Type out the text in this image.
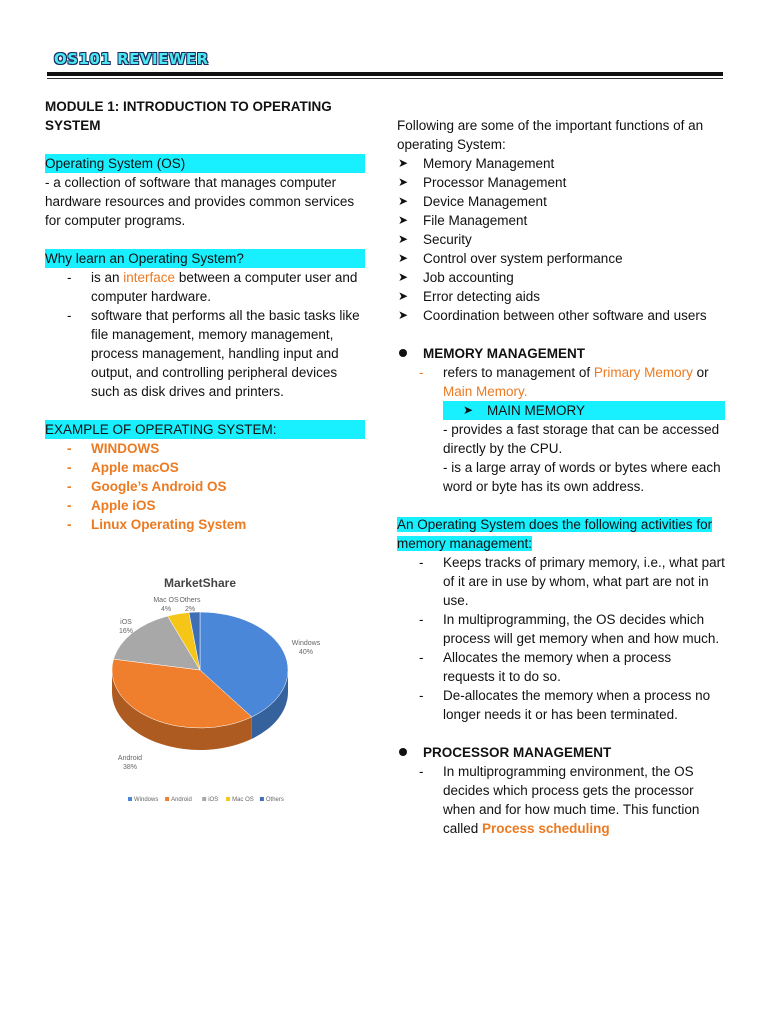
OS101 REVIEWER
MODULE 1: INTRODUCTION TO OPERATING
SYSTEM
Operating System (OS)
- a collection of software that manages computer hardware resources and provides common services for computer programs.
Why learn an Operating System?
- is an interface between a computer user and computer hardware.
- software that performs all the basic tasks like file management, memory management, process management, handling input and output, and controlling peripheral devices such as disk drives and printers.
EXAMPLE OF OPERATING SYSTEM:
- WINDOWS
- Apple macOS
- Google’s Android OS
- Apple iOS
- Linux Operating System
MarketShare
Windows
40%
Android
38%
iOS
16%
Mac OS
4%
Others
2%
Windows Android	iOS Mac OS Others
Following are some of the important functions of an operating System:
➤ Memory Management
➤ Processor Management
➤ Device Management
➤ File Management
➤ Security
➤ Control over system performance
➤ Job accounting
➤ Error detecting aids
➤ Coordination between other software and users
MEMORY MANAGEMENT
- refers to management of Primary Memory or Main Memory.
➤ MAIN MEMORY
- provides a fast storage that can be accessed directly by the CPU.
- is a large array of words or bytes where each word or byte has its own address.
An Operating System does the following activities for memory management:
- Keeps tracks of primary memory, i.e., what part of it are in use by whom, what part are not in use.
- In multiprogramming, the OS decides which process will get memory when and how much.
- Allocates the memory when a process requests it to do so.
- De-allocates the memory when a process no longer needs it or has been terminated.
PROCESSOR MANAGEMENT
- In multiprogramming environment, the OS decides which process gets the processor when and for how much time. This function called Process scheduling
